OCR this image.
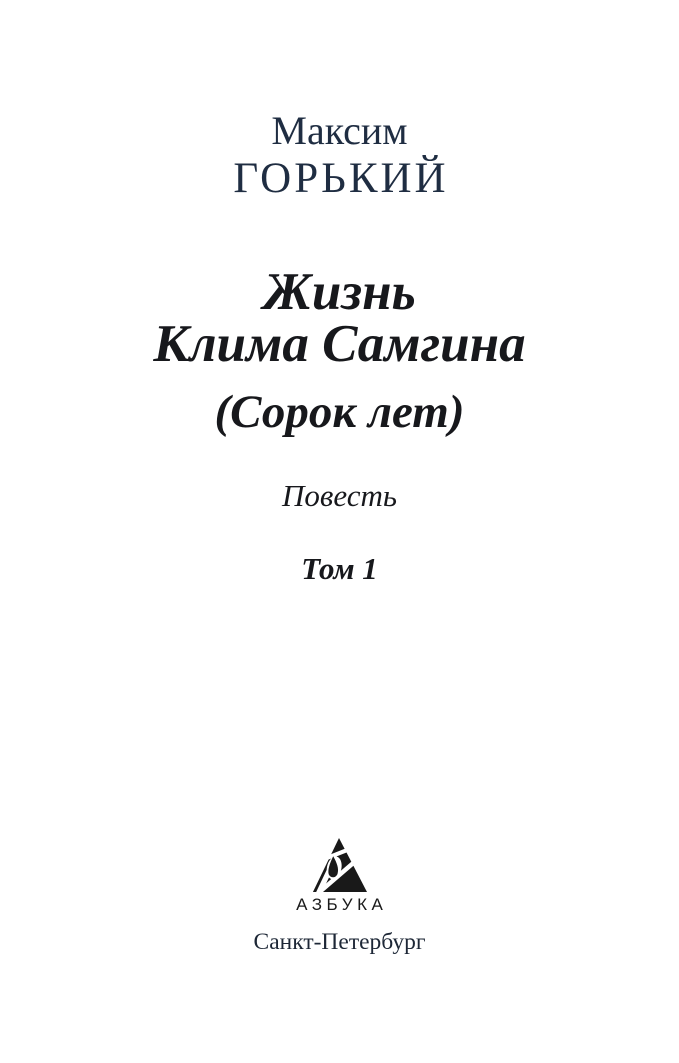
Максим
ГОРЬКИЙ
Жизнь
Клима Самгина
(Сорок лет)
Повесть
Том 1
АЗБУКА
Санкт-Петербург
